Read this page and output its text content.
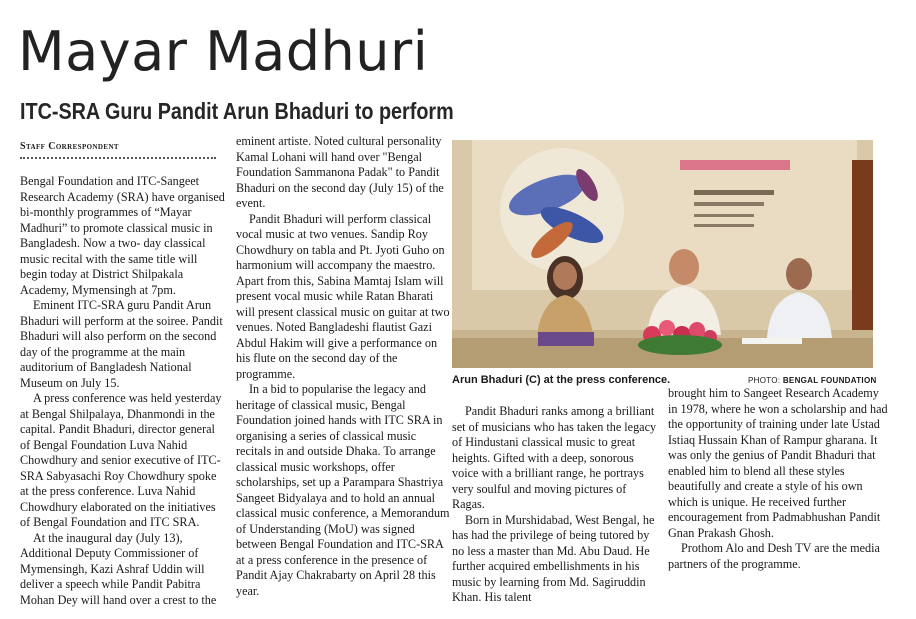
Mayar Madhuri
ITC-SRA Guru Pandit Arun Bhaduri to perform
Staff Correspondent

Bengal Foundation and ITC-Sangeet Research Academy (SRA) have organised bi-monthly programmes of “Mayar Madhuri” to promote classical music in Bangladesh. Now a two- day classical music recital with the same title will begin today at District Shilpakala Academy, Mymensingh at 7pm.

Eminent ITC-SRA guru Pandit Arun Bhaduri will perform at the soiree. Pandit Bhaduri will also perform on the second day of the programme at the main auditorium of Bangladesh National Museum on July 15.

A press conference was held yesterday at Bengal Shilpalaya, Dhanmondi in the capital. Pandit Bhaduri, director general of Bengal Foundation Luva Nahid Chowdhury and senior executive of ITC-SRA Sabyasachi Roy Chowdhury spoke at the press conference. Luva Nahid Chowdhury elaborated on the initiatives of Bengal Foundation and ITC SRA.

At the inaugural day (July 13), Additional Deputy Commissioner of Mymensingh, Kazi Ashraf Uddin will deliver a speech while Pandit Pabitra Mohan Dey will hand over a crest to the

eminent artiste. Noted cultural personality Kamal Lohani will hand over "Bengal Foundation Sammanona Padak" to Pandit Bhaduri on the second day (July 15) of the event.

Pandit Bhaduri will perform classical vocal music at two venues. Sandip Roy Chowdhury on tabla and Pt. Jyoti Guho on harmonium will accompany the maestro. Apart from this, Sabina Mamtaj Islam will present vocal music while Ratan Bharati will present classical music on guitar at two venues. Noted Bangladeshi flautist Gazi Abdul Hakim will give a performance on his flute on the second day of the programme.

In a bid to popularise the legacy and heritage of classical music, Bengal Foundation joined hands with ITC SRA in organising a series of classical music recitals in and outside Dhaka. To arrange classical music workshops, offer scholarships, set up a Parampara Shastriya Sangeet Bidyalaya and to hold an annual classical music conference, a Memorandum of Understanding (MoU) was signed between Bengal Foundation and ITC-SRA at a press conference in the presence of Pandit Ajay Chakrabarty on April 28 this year.

Arun Bhaduri (C) at the press conference.	PHOTO: BENGAL FOUNDATION

Pandit Bhaduri ranks among a brilliant set of musicians who has taken the legacy of Hindustani classical music to great heights. Gifted with a deep, sonorous voice with a brilliant range, he portrays very soulful and moving pictures of Ragas.

Born in Murshidabad, West Bengal, he has had the privilege of being tutored by no less a master than Md. Abu Daud. He further acquired embellishments in his music by learning from Md. Sagiruddin Khan. His talent

brought him to Sangeet Research Academy in 1978, where he won a scholarship and had the opportunity of training under late Ustad Istiaq Hussain Khan of Rampur gharana. It was only the genius of Pandit Bhaduri that enabled him to blend all these styles beautifully and create a style of his own which is unique. He received further encouragement from Padmabhushan Pandit Gnan Prakash Ghosh.

Prothom Alo and Desh TV are the media partners of the programme.
